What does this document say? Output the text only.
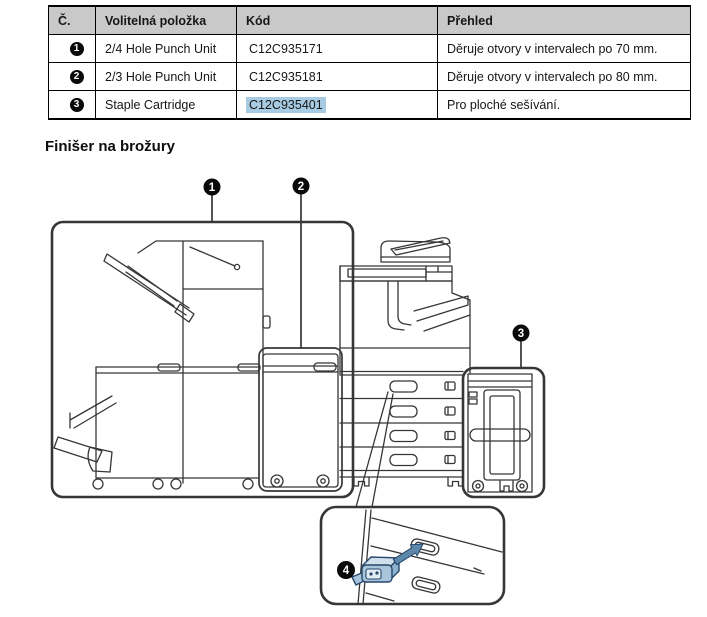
Č.	Volitelná položka	Kód	Přehled
1	2/4 Hole Punch Unit	C12C935171	Děruje otvory v intervalech po 70 mm.
2	2/3 Hole Punch Unit	C12C935181	Děruje otvory v intervalech po 80 mm.
3	Staple Cartridge	C12C935401	Pro ploché sešívání.
Finišer na brožury
1	2
3
4
